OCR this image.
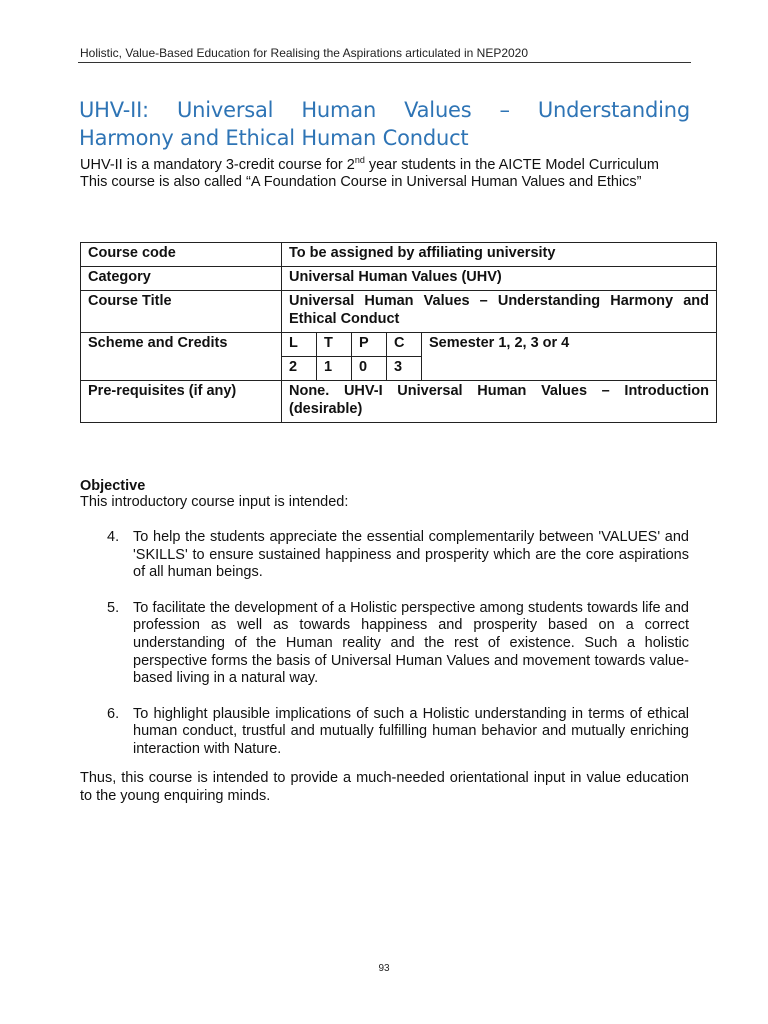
Holistic, Value-Based Education for Realising the Aspirations articulated in NEP2020
UHV-II: Universal Human Values – Understanding
Harmony and Ethical Human Conduct

UHV-II is a mandatory 3-credit course for 2nd year students in the AICTE Model Curriculum

This course is also called “A Foundation Course in Universal Human Values and Ethics”

Course code	To be assigned by affiliating university				
Category	Universal Human Values (UHV)				
Course Title	Universal Human Values – Understanding Harmony and Ethical Conduct				
Scheme and Credits	L	T	P	C	Semester 1, 2, 3 or 4
	2	1	0	3	
Pre-requisites (if any)	None. UHV-I Universal Human Values – Introduction (desirable)				
Objective
This introductory course input is intended:
4. To help the students appreciate the essential complementarily between 'VALUES' and 'SKILLS' to ensure sustained happiness and prosperity which are the core aspirations of all human beings.
5. To facilitate the development of a Holistic perspective among students towards life and profession as well as towards happiness and prosperity based on a correct understanding of the Human reality and the rest of existence. Such a holistic perspective forms the basis of Universal Human Values and movement towards value-based living in a natural way.
6. To highlight plausible implications of such a Holistic understanding in terms of ethical human conduct, trustful and mutually fulfilling human behavior and mutually enriching interaction with Nature.

Thus, this course is intended to provide a much-needed orientational input in value education to the young enquiring minds.

93
